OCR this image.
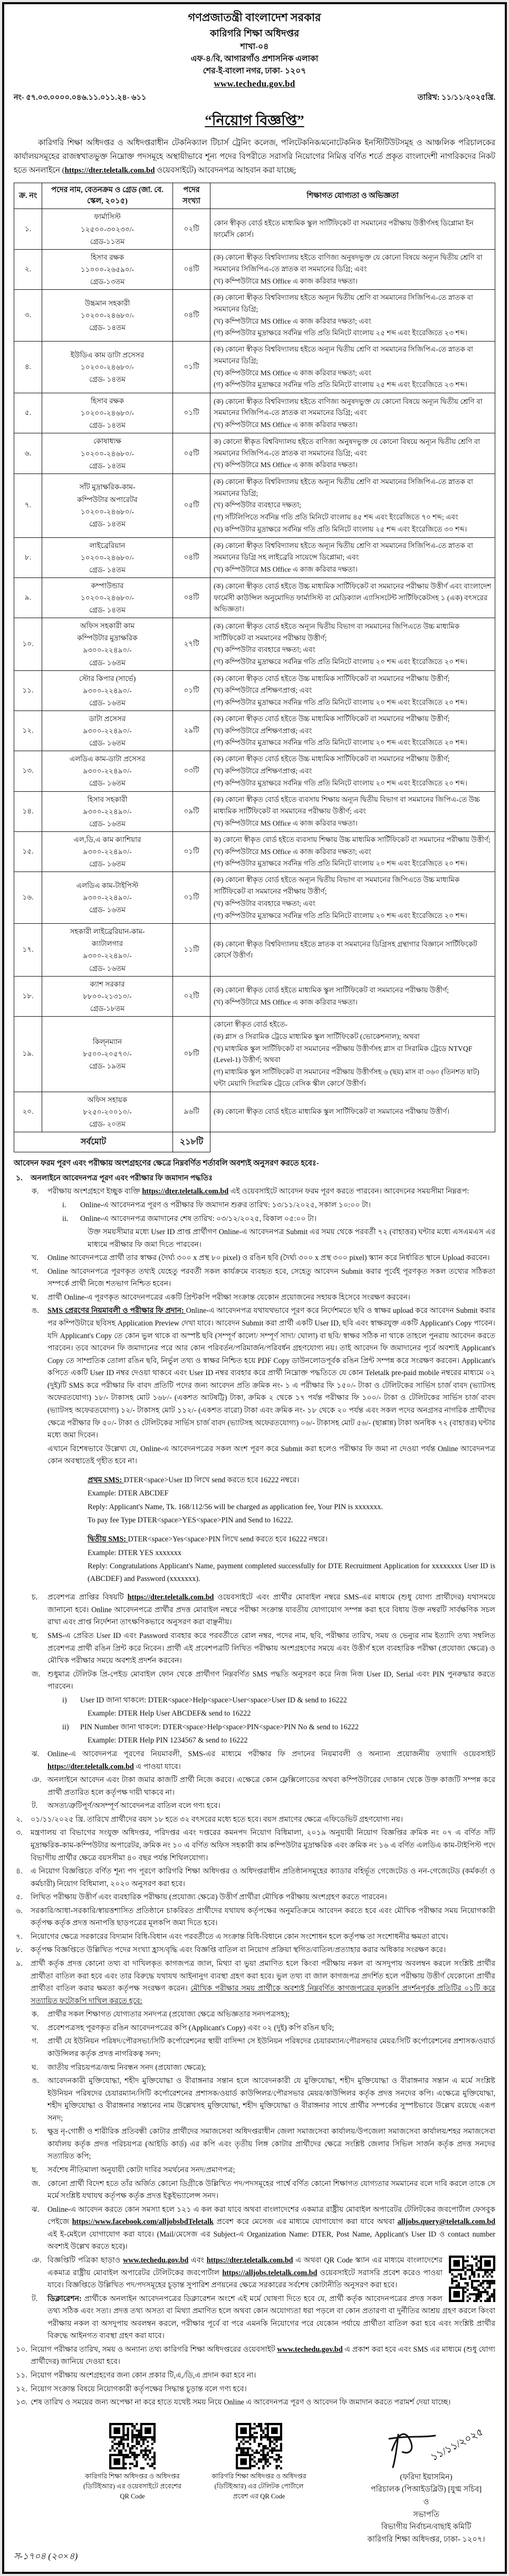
গণপ্রজাতন্ত্রী বাংলাদেশ সরকার
কারিগরি শিক্ষা অধিদপ্তর
শাখা-০৪
এফ-৪/বি, আগারগাঁও প্রশাসনিক এলাকা
শের-ই-বাংলা নগর, ঢাকা- ১২০৭
www.techedu.gov.bd
নং- ৫৭.০৩.০০০০.০৪৬.১১.০১১.২৪- ৬১১	তারিখ: ১১/১১/২০২৫খ্রি.
“নিয়োগ বিজ্ঞপ্তি”
কারিগরি শিক্ষা অধিদপ্তর ও অধিদপ্তরাধীন টেকনিক্যাল টিচার্স ট্রেনিং কলেজ, পলিটেকনিক/মনোটেকনিক ইনস্টিটিউটসমূহ ও আঞ্চলিক পরিচালকের কার্যালয়সমূহের রাজস্বখাতভুক্ত নিম্নোক্ত পদসমূহে অস্থায়ীভাবে শূন্য পদের বিপরীতে সরাসরি নিয়োগের নিমিত্ত বর্ণিত শর্তে প্রকৃত বাংলাদেশী নাগরিকদের নিকট হতে অনলাইনে (https://dter.teletalk.com.bd ওয়েবসাইটে) আবেদনপত্র আহবান করা যাচ্ছে;
ক্র. নং	পদের নাম, বেতনক্রম ও গ্রেড (জা. বে. স্কেল, ২০১৫)	পদের সংখ্যা	শিক্ষাগত যোগ্যতা ও অভিজ্ঞতা
১.	ফার্মাসিস্ট
১২৫০০-৩০২৩০/-
গ্রেড-১১তম	০২টি	কোন স্বীকৃত বোর্ড হইতে মাধ্যমিক স্কুল সার্টিফিকেট বা সমমানের পরীক্ষায় উত্তীর্ণসহ ডিপ্লোমা ইন ফার্মেসি কোর্স।

২.	হিসাব রক্ষক
১১০০০-২৬৫৯০/-
গ্রেড-১৩তম	০৪টি	
(ক) কোনো স্বীকৃত বিশ্ববিদ্যালয় হইতে বাণিজ্য অনুষদভুক্ত যে কোনো বিষয়ে অন্যূন দ্বিতীয় শ্রেণি বা সমমানের সিজিপিএ-তে স্নাতক বা সমমানের ডিগ্রি; এবং
(খ) কম্পিউটারে MS Office এ কাজ করিবার দক্ষতা।

৩.	উচ্চমান সহকারী
১০২০০-২৪৬৮০/-
গ্রেড- ১৪তম	০৪টি	
(ক) কোনো স্বীকৃত বিশ্ববিদ্যালয় হইতে অন্যূন দ্বিতীয় শ্রেণি বা সমমানের সিজিপিএ-তে স্নাতক বা সমমানের ডিগ্রি;
(খ) কম্পিউটারে MS Office এ কাজ করিবার দক্ষতা; এবং
(গ) কম্পিউটার মুদ্রাক্ষরে সর্বনিম্ন গতি প্রতি মিনিটে বাংলায় ২৫ শব্দ এবং ইংরেজিতে ২৩ শব্দ।

৪.	ইউডিএ কাম ডাটা প্রসেসর
১০২০০-২৪৬৮০/-
গ্রেড- ১৪তম	০১টি	
(ক) কোনো স্বীকৃত বিশ্ববিদ্যালয় হইতে অন্যূন দ্বিতীয় শ্রেণি বা সমমানের সিজিপিএ-তে স্নাতক বা সমমানের ডিগ্রি;
(খ) কম্পিউটারে MS Office এ কাজ করিবার দক্ষতা; এবং
(গ) কম্পিউটার মুদ্রাক্ষরে সর্বনিম্ন গতি প্রতি মিনিটে বাংলায় ২৫ শব্দ এবং ইংরেজিতে ২৩ শব্দ।

৫.	হিসাব রক্ষক
১০২০০-২৪৬৮০/-
গ্রেড- ১৪তম	০১টি	
(ক) কোনো স্বীকৃত বিশ্ববিদ্যালয় হইতে বাণিজ্য অনুষদভুক্ত যে কোনো বিষয়ে অন্যূন দ্বিতীয় শ্রেণি বা সমমানের সিজিপিএ-তে স্নাতক বা সমমানের ডিগ্রি; এবং
(খ) কম্পিউটারে MS Office এ কাজ করিবার দক্ষতা।

৬.	কোষাধ্যক্ষ
১০২০০-২৪৬৮০/-
গ্রেড- ১৪তম	০৫টি	
ক) কোনো স্বীকৃত বিশ্ববিদ্যালয় হইতে বাণিজ্য অনুষদভুক্ত যে কোনো বিষয়ে অন্যূন দ্বিতীয় শ্রেণি বা সমমানের সিজিপিএ-তে স্নাতক বা সমমানের ডিগ্রি; এবং
(খ) কম্পিউটারে MS Office এ কাজ করিবার দক্ষতা।

৭.	সাঁট মুদ্রাক্ষরিক-কাম-
কম্পিউটার অপারেটর
১০২০০-২৪৬৮০/-
গ্রেড- ১৪তম	০৫টি	
(ক) কোনো স্বীকৃত বিশ্ববিদ্যালয় হইতে অন্যূন দ্বিতীয় শ্রেণি বা সমমানের সিজিপিএ-তে স্নাতক বা সমমানের ডিগ্রি;
(খ) কম্পিউটার ব্যবহারে দক্ষতা;
(গ) সাঁটলিপিতে সর্বনিম্ন গতি প্রতি মিনিটে বাংলায় ৪৫ শব্দ এবং ইংরেজিতে ৭০ শব্দ; এবং
(ঘ) কম্পিউটার মুদ্রাক্ষরে সর্বনিম্ন গতি প্রতি মিনিটে বাংলায় ২৫ শব্দ এবং ইংরেজিতে ৩০ শব্দ।

৮.	লাইব্রেরিয়ান
১০২০০-২৪৬৮০/-
গ্রেড- ১৪তম	০৪টি	
(ক) কোনো স্বীকৃত বিশ্ববিদ্যালয় হইতে অন্যূন দ্বিতীয় শ্রেণি বা সমমানের সিজিপিএ-তে স্নাতক বা সমমানের ডিগ্রি সহ লাইব্রেরি সায়েন্সে ডিপ্লোমা; এবং
(খ) কম্পিউটারে MS Office এ কাজ করিবার দক্ষতা।

৯.	কম্পাউন্ডার
১০২০০-২৪৬৮০/-
গ্রেড- ১৪তম	০৪টি	(ক) কোনো স্বীকৃত বোর্ড হইতে উচ্চ মাধ্যমিক সার্টিফিকেট বা সমমানের পরীক্ষায় উত্তীর্ণ এবং বাংলাদেশ ফার্মেসী কাউন্সিল অনুমোদিত ফার্মাসিস্ট বা মেডিক্যাল এ্যাসিসটেন্ট সার্টিফিকেটসহ ১ (এক) বৎসরের অভিজ্ঞতা।

১০.	অফিস সহকারী কাম
কম্পিউটার মুদ্রাক্ষরিক
৯৩০০-২২৪৯০/-
গ্রেড- ১৬তম	২৭টি	
(ক) কোনো স্বীকৃত বোর্ড হইতে অন্যূন দ্বিতীয় বিভাগ বা সমমানের জিপিএতে উচ্চ মাধ্যমিক সার্টিফিকেট বা সমমানের পরীক্ষায় উত্তীর্ণ;
(খ) কম্পিউটার ব্যবহারে দক্ষতা; এবং
(গ) কম্পিউটার মুদ্রাক্ষরে সর্বনিম্ন গতি প্রতি মিনিটে বাংলায় ২০ শব্দ এবং ইংরেজিতে ২০ শব্দ।

১১.	স্টোর কিপার (সার্ভে)
৯৩০০-২২৪৯০/-
গ্রেড- ১৬তম	০১টি	
(ক) কোনো স্বীকৃত বোর্ড হইতে উচ্চ মাধ্যমিক সার্টিফিকেট বা সমমানের পরীক্ষায় উত্তীর্ণ;
(খ) কম্পিউটারে প্রশিক্ষণপ্রাপ্ত; এবং
(গ) কম্পিউটার মুদ্রাক্ষরে সর্বনিম্ন গতি প্রতি মিনিটে বাংলায় ২০ শব্দ এবং ইংরেজিতে ২০ শব্দ।

১২.	ডাটা প্রসেসর
৯৩০০-২২৪৯০/-
গ্রেড- ১৬তম	২৯টি	
(ক) কোনো স্বীকৃত বোর্ড হইতে উচ্চ মাধ্যমিক সার্টিফিকেট বা সমমানের পরীক্ষায় উত্তীর্ণ;
(খ) কম্পিউটারে প্রশিক্ষণপ্রাপ্ত; এবং
(গ) কম্পিউটার মুদ্রাক্ষরে সর্বনিম্ন গতি প্রতি মিনিটে বাংলায় ২০ শব্দ এবং ইংরেজিতে ২০ শব্দ।

১৩.	এলডিএ কাম-ডাটা প্রসেসর
৯৩০০-২২৪৯০/-
গ্রেড- ১৬তম	০৩টি	
(ক) কোনো স্বীকৃত বোর্ড হইতে উচ্চ মাধ্যমিক সার্টিফিকেট বা সমমানের পরীক্ষায় উত্তীর্ণ;
(খ) কম্পিউটারে প্রশিক্ষণপ্রাপ্ত; এবং
(গ) কম্পিউটার মুদ্রাক্ষরে সর্বনিম্ন গতি প্রতি মিনিটে বাংলায় ২০ শব্দ এবং ইংরেজিতে ২০ শব্দ।

১৪.	হিসাব সহকারী
৯৩০০-২২৪৯০/-
গ্রেড- ১৬তম	০৯টি	
(ক) কোনো স্বীকৃত বোর্ড হইতে ব্যবসায় শিক্ষায় অন্যূন দ্বিতীয় বিভাগ বা সমমানের জিপিএ-তে উচ্চ মাধ্যমিক সার্টিফিকেট বা সমমানের পরীক্ষায় উত্তীর্ণ; এবং
(খ) কম্পিউটারে MS Office এ কাজ করিবার দক্ষতা।

১৫.	এল,ডি,এ কাম ক্যাশিয়ার
৯৩০০-২২৪৯০/-
গ্রেড- ১৬তম	০১টি	
ক) কোনো স্বীকৃত বোর্ড হইতে ব্যবসায় শিক্ষায় উচ্চ মাধ্যমিক সার্টিফিকেট বা সমমানের পরীক্ষায় উত্তীর্ণ;
(খ) কম্পিউটারে MS Office এ কাজ করিবার দক্ষতা; এবং
(গ) কম্পিউটার মুদ্রাক্ষরে সর্বনিম্ন গতি প্রতি মিনিটে বাংলায় ২০ শব্দ এবং ইংরেজিতে ২০ শব্দ।

১৬.	এলডিএ কাম-টাইপিস্ট
৯৩০০-২২৪৯০/-
গ্রেড- ১৬তম	০১টি	
(ক) কোনো স্বীকৃত বোর্ড হইতে অন্যূন দ্বিতীয় বিভাগ বা সমমানের জিপিএতে উচ্চ মাধ্যমিক সার্টিফিকেট বা সমমানের পরীক্ষায় উত্তীর্ণ;
(খ) কম্পিউটার ব্যবহারে দক্ষতা; এবং
(গ) কম্পিউটার মুদ্রাক্ষরে সর্বনিম্ন গতি প্রতি মিনিটে বাংলায় ২০ শব্দ এবং ইংরেজিতে ২০ শব্দ।

১৭.	সহকারী লাইব্রেরিয়ান-কাম-
ক্যাটালগার
৯৩০০-২২৪৯০/-
গ্রেড- ১৬তম	১১টি	(ক) কোনো স্বীকৃত বিশ্ববিদ্যালয় হইতে স্নাতক বা সমমানের ডিগ্রিসহ গ্রন্থাগার বিজ্ঞানে সার্টিফিকেট কোর্সে উত্তীর্ণ।

১৮.	ক্যাশ সরকার
৮৮০০-২১৩১০/-
গ্রেড-১৮তম	০২টি	
(ক) কোনো স্বীকৃত বোর্ড হইতে মাধ্যমিক স্কুল সার্টিফিকেট বা সমমানের পরীক্ষায় উত্তীর্ণ;
(খ) কম্পিউটারে MS Office এ কাজ করিবার দক্ষতা।

১৯.	কিল্নম্যান
৮৫০০-২০৫৭০/-
গ্রেড- ১৯তম	০৮টি	
কোনো স্বীকৃত বোর্ড হইতে-
(ক) গ্লাস ও সিরামিক ট্রেডে মাধ্যমিক স্কুল সার্টিফিকেট (ভোকেশনাল); অথবা
(খ) মাধ্যমিক স্কুল সার্টিফিকেট বা সমমানের পরীক্ষায় উত্তীর্ণসহ গ্লাস বা সিরামিক ট্রেডে NTVQF (Level-1) উত্তীর্ণ; অথবা
(গ) মাধ্যমিক স্কুল সার্টিফিকেট বা সমমানের পরীক্ষায় উত্তীর্ণসহ ৬ (ছয়) মাস বা ৩৬০ (তিনশত ষাট) ঘন্টা মেয়াদি সিরামিক ট্রেডে বেসিক স্কীল কোর্সে উত্তীর্ণ।

২০.	অফিস সহায়ক
৮২৫০-২০০১০/-
গ্রেড- ২০তম	৯৬টি	(ক) কোনো স্বীকৃত বোর্ড হইতে মাধ্যমিক স্কুল সার্টিফিকেট বা সমমানের পরীক্ষায় উত্তীর্ণ।

সর্বমোট		২১৮টি	
আবেদন ফরম পূরণ এবং পরীক্ষায় অংশগ্রহণের ক্ষেত্রে নিম্নবর্ণিত শর্তাবলি অবশ্যই অনুসরণ করতে হবেঃ-
১. অনলাইনে আবেদনপত্র পূরণ এবং পরীক্ষার ফি জমাদান পদ্ধতিঃ
ক. পরীক্ষায় অংশগ্রহণে ইচ্ছুক ব্যক্তি https://dter.teletalk.com.bd এই ওয়েবসাইটে আবেদন ফরম পূরণ করতে পারবেন। আবেদনের সময়সীমা নিম্নরূপ:
i. Online-এ আবেদনপত্র পূরণ ও পরীক্ষার ফি জমাদান শুরুর তারিখ: ১৩/১১/২০২৫, সকাল ১০:০০ টা।
ii. Online-এ আবেদনপত্র জমাদানের শেষ তারিখ: ০৩/১২/২০২৫, বিকাল ০৫:০০ টা।
উক্ত সময়সীমার মধ্যে User ID প্রাপ্ত প্রার্থীগণ Online-এ আবেদনপত্র Submit এর সময় থেকে পরবর্তী ৭২ (বাহাত্তর) ঘন্টার মধ্যে এসএমএস এর মাধ্যমে পরীক্ষার ফি জমা দিতে পারবেন।
খ. Online আবেদনপত্রে প্রার্থী তার স্বাক্ষর (দৈর্ঘ্য ৩০০ x প্রস্থ ৮০ pixel) ও রঙিন ছবি (দৈর্ঘ্য ৩০০ x প্রস্থ ৩০০ pixel) স্ক্যান করে নির্ধারিত স্থানে Upload করবেন।
গ. Online আবেদনপত্রে পূরণকৃত তথ্যই যেহেতু পরবর্তী সকল কার্যক্রমে ব্যবহৃত হবে, সেহেতু আবেদন Submit করার পূর্বেই পূরণকৃত সকল তথ্যের সঠিকতা সম্পর্কে প্রার্থী নিজে শতভাগ নিশ্চিত হবেন।
ঘ. প্রার্থী Online-এ পূরণকৃত আবেদনপত্রের একটি প্রিন্টকপি পরীক্ষা সংক্রান্ত যেকোন প্রয়োজনের সহায়ক হিসেবে সংরক্ষণ করবেন।
ঙ. SMS প্রেরণের নিয়মাবলী ও পরীক্ষার ফি প্রদান: Online-এ আবেদনপত্র যথাযথভাবে পূরণ করে নির্দেশমতে ছবি ও স্বাক্ষর upload করে আবেদন Submit করার পর কম্পিউটারে ছবিসহ Application Preview দেখা যাবে। আবেদন Submit করা প্রার্থী একটি User ID, ছবি এবং স্বাক্ষরযুক্ত একটি Applicant's Copy পাবেন। যদি Applicant's Copy তে কোন ভুল থাকে বা অস্পষ্ট ছবি (সম্পূর্ণ কালো/ সম্পূর্ণ সাদা/ ঘোলা) বা ছবি/ স্বাক্ষর সঠিক না থাকে তাহলে পুনরায় আবেদন করতে পারবেন। তবে আবেদন ফি জমাদানের পরে আর কোন পরিবর্তন/পরিমার্জন/পরিবর্ধন গ্রহণযোগ্য নয়। তাই আবেদন ফি জমাদানের পূর্বে অবশ্যই Applicant's Copy তে সাম্প্রতিক তোলা রঙিন ছবি, নির্ভুল তথ্য ও স্বাক্ষর নিশ্চিত হয়ে PDF Copy ডাউনলোডপূর্বক রঙিন প্রিন্ট সম্পন্ন করে সংরক্ষণ করবেন। Applicant's কপিতে একটি User ID নম্বর দেওয়া থাকবে এবং User ID নম্বর ব্যবহার করে প্রার্থী নিম্নোক্ত পদ্ধতিতে যে কোন Teletalk pre-paid mobile নম্বরের মাধ্যমে ০২ (দুই)টি SMS করে পরীক্ষার ফি বাবদ প্রতিটি পদের জন্য আবেদন প্রতি ক্রমিক নং- ১ এ পরীক্ষার ফি ১৫০/- টাকা ও টেলিটকের সার্ভিস চার্জ বাবদ (ভ্যাটসহ অফেরতযোগ্য) ১৮/- টাকাসহ মোট ১৬৮/- (একশত আটষট্টি) টাকা, ক্রমিক ২ থেকে ১৭ পর্যন্ত পরীক্ষার ফি ১০০/- টাকা ও টেলিটকের সার্ভিস চার্জ বাবদ (ভ্যাটসহ অফেরতযোগ্য) ১২/- টাকাসহ মোট ১১২/- (একশত বারো) টাকা এবং ক্রমিক নং- ১৮ থেকে ২০ পর্যন্ত এবং সকল পদের অনগ্রসর নাগরিক প্রার্থীদের ক্ষেত্রে পরীক্ষার ফি ৫০/- টাকা ও টেলিটকের সার্ভিস চার্জ বাবদ (ভ্যাটসহ অফেরতযোগ্য) ০৬/- টাকাসহ মোট ৫৬/- (ছাপ্পান্ন) টাকা অনধিক ৭২ (বাহাত্তর) ঘন্টার মধ্যে জমা দিবেন।
এখানে বিশেষভাবে উল্লেখ্য যে, Online-এ আবেদনপত্রের সকল অংশ পূরণ করে Submit করা হলেও পরীক্ষার ফি জমা না দেওয়া পর্যন্ত Online আবেদনপত্র কোন অবস্থাতেই গৃহীত হবে না।
প্রথম SMS: DTER<space>User ID লিখে send করতে হবে 16222 নম্বরে।
Example: DTER ABCDEF
Reply: Applicant's Name, Tk. 168/112/56 will be charged as application fee, Your PIN is xxxxxxx.
To pay fee Type DTER<space>YES<space>PIN and Send to 16222.
দ্বিতীয় SMS: DTER<space>Yes<space>PIN লিখে send করতে হবে 16222 নম্বরে।
Example: DTER YES xxxxxxx
Reply: Congratulations Applicant's Name, payment completed successfully for DTE Recruitment Application for xxxxxxxx User ID is (ABCDEF) and Password (xxxxxxx).
চ. প্রবেশপত্র প্রাপ্তির বিষয়টি https://dter.teletalk.com.bd ওয়েবসাইটে এবং প্রার্থীর মোবাইল নম্বরে SMS-এর মাধ্যমে (শুধু যোগ্য প্রার্থীদের) যথাসময়ে জানানো হবে। Online আবেদনপত্রে প্রার্থীর প্রদত্ত মোবাইল নম্বরে পরীক্ষা সংক্রান্ত যাবতীয় যোগাযোগ সম্পন্ন করা হবে বিধায় উক্ত নম্বরটি সার্বক্ষণিক সচল রাখা এবং প্রাপ্ত নির্দেশনা তাৎক্ষণিকভাবে অনুসরণ করা বাঞ্ছনীয়।
ছ. SMS-এ প্রেরিত User ID এবং Password ব্যবহার করে পরবর্তীতে রোল নম্বর, পদের নাম, ছবি, পরীক্ষার তারিখ, সময় ও ভেন্যুর নাম ইত্যাদি তথ্য সম্বলিত প্রবেশপত্র প্রার্থী রঙিন প্রিন্ট করে নিবেন। প্রার্থী এই প্রবেশপত্রটি লিখিত পরীক্ষায় অংশগ্রহণের সময়ে এবং উত্তীর্ণ হলে ব্যবহারিক পরীক্ষা (প্রযোজ্য ক্ষেত্রে) ও মৌখিক পরীক্ষার সময়ে অবশ্যই প্রদর্শন করবেন।
জ. শুধুমাত্র টেলিটক প্রি-পেইড মোবাইল ফোন থেকে প্রার্থীগণ নিম্নবর্ণিত SMS পদ্ধতি অনুসরণ করে নিজ নিজ User ID, Serial এবং PIN পুনরুদ্ধার করতে পারবেন।
i) User ID জানা থাকলে: DTER<space>Help<space>User<space>User ID & send to 16222
Example: DTER Help User ABCDEF& send to 16222
ii) PIN Number জানা থাকলে: DTER<space>Help<space>PIN<space>PIN No & send to 16222
Example: DTER Help PIN 1234567 & send to 16222
ঝ. Online-এ আবেদনপত্র পূরণের নিয়মাবলী, SMS-এর মাধ্যমে পরীক্ষার ফি প্রদানের নিয়মাবলী ও অন্যান্য প্রয়োজনীয় তথ্যাদি ওয়েবসাইট https://dter.teletalk.com.bd এ পাওয়া যাবে।
ঞ. অনলাইনে আবেদন এবং টাকা জমার কাজটি প্রার্থী নিজে করবে। এক্ষেত্রে কোন ফ্লেক্সিলোডের অথবা কম্পিউটারের দোকান থেকে উক্ত কাজটি সম্পন্ন করে প্রার্থী প্রতারিত হলে কর্তৃপক্ষ দায়ী থাকবে না।
ট. অসত্য/ত্রুটিপূর্ণ/অসম্পূর্ণ আবেদনপত্র বাতিল বলে গণ্য হবে।
২. ০১/১১/২০২৫ খ্রি. তারিখে প্রার্থীদের বয়স ১৮ হতে ৩২ বৎসরের মধ্যে হতে হবে। বয়স প্রমাণের ক্ষেত্রে এফিডেভিট গ্রহণযোগ্য নয়।
৩. মন্ত্রণালয় বা বিভাগের সংযুক্ত অধিদপ্তর, পরিদপ্তর এবং দপ্তরের কমনপদ নিয়োগ বিধিমালা, ২০১৯ অনুযায়ী নিয়োগ বিজ্ঞপ্তির ক্রমিক নং ০৭ এ বর্ণিত সাঁট মুদ্রাক্ষরিক-কাম-কম্পিউটার অপারেটর, ক্রমিক নং ১০ এ বর্ণিত অফিস সহকারী কাম কম্পিউটার মুদ্রাক্ষরিক এবং ক্রমিক নং ১৬ এ বর্ণিত এলডিএ কাম-টাইপিস্ট পদে বিভাগীয় প্রার্থীর ক্ষেত্রে বয়সসীমা ৪০ বছর পর্যন্ত শিথিলযোগ্য।
৪. এ নিয়োগ বিজ্ঞপ্তিতে বর্ণিত শূন্য পদ পূরণে কারিগরি শিক্ষা অধিদপ্তর ও অধিদপ্তরাধীন প্রতিষ্ঠানসমূহের ক্যাডার বহির্ভূত গেজেটেড ও নন-গেজেটেড (কর্মকর্তা ও কর্মচারী) নিয়োগ বিধিমালা, ২০২০ অনুসরণ করা হবে।
৫. লিখিত পরীক্ষায় উত্তীর্ণ এবং ব্যবহারিক পরীক্ষায় (প্রযোজ্য ক্ষেত্রে) উত্তীর্ণ প্রার্থীরা মৌখিক পরীক্ষায় অংশগ্রহণ করতে পারবেন।
৬. সরকারি/আধা-সরকারি/স্বায়ত্তশাসিত প্রতিষ্ঠানে চাকরিরত প্রার্থীদের যথাযথ কর্তৃপক্ষের অনুমতিক্রমে আবেদন করতে হবে এবং মৌখিক পরীক্ষার সময় নিয়োগকারী কর্তৃপক্ষ কর্তৃক প্রদত্ত অনাপত্তি ছাড়পত্রের মূলকপি জমা দিতে হবে।
৭. নিয়োগের ক্ষেত্রে সরকারের বিদ্যমান বিধি-বিধান এবং পরবর্তীতে এ সংক্রান্ত বিধি-বিধানে কোন সংশোধন হলে কর্তৃপক্ষ তা সংশোধনীর ক্ষমতা রাখে।
৮. কর্তৃপক্ষ বিজ্ঞপ্তিতে উল্লিখিত পদের সংখ্যা হ্রাস/বৃদ্ধি এবং বিজ্ঞপ্তি বাতিল বা নিয়োগ প্রক্রিয়া স্থগিত/বাতিল/প্রত্যাহার করার অধিকার সংরক্ষণ করে।
৯. প্রার্থী কর্তৃক প্রদত্ত কোনো তথ্য বা দাখিলকৃত কাগজপত্র জাল, মিথ্যা বা ভুয়া প্রমাণিত হলে কিংবা পরীক্ষায় নকল বা অসদুপায় অবলম্বন করলে সংশ্লিষ্ট প্রার্থীর প্রার্থীতা বাতিল করা হবে এবং তার বিরুদ্ধে যথাযথ আইনানুগ ব্যবস্থা গ্রহণ করা হবে। ভুল তথ্য বা জাল কাগজপত্র প্রদর্শিত হলে পরীক্ষায় উত্তীর্ণ যেকোনো প্রার্থীর প্রার্থীতা বাতিল করার ক্ষমতা কর্তৃপক্ষ সংরক্ষণ করেন। মৌখিক পরীক্ষার সময় প্রার্থীকে অবশ্যই নিম্নবর্ণিত কাগজপত্রের মূলকপি প্রদর্শনপূর্বক প্রতিটির ০১টি করে সত্যায়িত ফটোকপি দাখিল করতে হবে:
ক. প্রার্থীর সকল শিক্ষাগত যোগ্যতার সনদপত্র (প্রযোজ্য ক্ষেত্রে অভিজ্ঞতার সনদপত্রসহ);
খ. প্রবেশপত্রসহ পূরণকৃত রঙিন আবেদনপত্রের কপি (Applicant's Copy) এবং ০২ (দুই) কপি রঙিন ছবি;
গ. প্রার্থী যে ইউনিয়ন পরিষদ/পৌরসভা/সিটি কর্পোরেশনের স্থায়ী বাসিন্দা সে ইউনিয়ন পরিষদের চেয়ারম্যান/পৌরসভার মেয়র/সিটি কর্পোরেশনের প্রশাসক/ওয়ার্ড কাউন্সিলর কর্তৃক প্রদত্ত নাগরিকত্ব সনদ;
ঘ. জাতীয় পরিচয়পত্র/জন্ম নিবন্ধন সনদ (প্রযোজ্য ক্ষেত্রে);
ঙ. আবেদনকারী মুক্তিযোদ্ধা, শহীদ মুক্তিযোদ্ধা ও বীরাঙ্গনার সন্তান হলে আবেদনকারী যে মুক্তিযোদ্ধা, শহীদ মুক্তিযোদ্ধা ও বীরাঙ্গনার সন্তান এ মর্মে সংশ্লিষ্ট ইউনিয়ন পরিষদের চেয়ারম্যান/সিটি কর্পোরেশনের প্রশাসক/ওয়ার্ড কাউন্সিলর/পৌরসভার মেয়র/কাউন্সিলর কর্তৃক প্রদত্ত সনদের কপি। এক্ষেত্রে মুক্তিযোদ্ধা, শহীদ মুক্তিযোদ্ধা ও বীরাঙ্গনার সন্তানের নাম উল্লেখসহ মুক্তিযোদ্ধা, শহীদ মুক্তিযোদ্ধা ও বীরাঙ্গনার সাথে প্রার্থীর সম্পর্কের সুস্পষ্টভাবে উল্লেখ রয়েছে এরূপ সনদ;
চ. ক্ষুদ্র নৃ-গোষ্ঠী ও শারীরিক প্রতিবন্ধী কোটার প্রার্থীদের সমাজসেবা অধিদপ্তরাধীন জেলা সমাজসেবা কার্যালয়/উপজেলা সমাজসেবা কার্যালয়/শহর সমাজসেবা কার্যালয় কর্তৃক প্রদত্ত পরিচয়পত্র (আইডি কার্ড) এর কপি এবং তৃতীয় লিঙ্গ কোটার প্রার্থীদের ক্ষেত্রে সংশ্লিষ্ট জেলার সিভিল সার্জন কর্তৃক প্রদত্ত সনদের সত্যায়িত কপি;
ছ. সর্বশেষ নীতিমালা অনুযায়ী কোটা দাবির সমর্থনের সনদ/প্রমাণপত্র;
জ. কোনো প্রার্থী বিদেশ হতে তাঁর অর্জিত কোনো ডিগ্রীকে উল্লিখিত পদ/পদসমূহের পার্শ্বে বর্ণিত কোনো শিক্ষাগত যোগ্যতার সমমানের বলে দাবি করলে তাকে সে মর্মে সংশ্লিষ্ট যথাযথ কর্তৃপক্ষ কর্তৃক প্রদত্ত ইকুইভ্যালেন্স সনদ।
ঝ. Online-এ আবেদন করতে কোন সমস্যা হলে ১২১ এ কল করা যাবে অথবা বাংলাদেশের একমাত্র রাষ্ট্রীয় মোবাইল অপারেটর টেলিটকের জবপোর্টাল ফেসবুক পেইজে https://www.facebook.com/alljobsbdTeletalk প্রবেশ করে মেসেজ এর মাধ্যমে যোগাযোগ করা যাবে অথবা alljobs.query@teletalk.com.bd এই ই-মেইলে যোগাযোগ করা যাবে। (Mail/মেসেজ এর Subject-এ Organization Name: DTER, Post Name, Applicant's User ID ও contact number অবশ্যই উল্লেখ করতে হবে)।
ঞ. বিজ্ঞপ্তিটি পত্রিকা ছাড়াও www.techedu.gov.bd এবং https://dter.teletalk.com.bd এ অথবা QR Code স্ক্যান এর মাধ্যমে বাংলাদেশের একমাত্র রাষ্ট্রীয় মোবাইল অপারেটর টেলিটকের জবপোর্টাল https://alljobs.teletalk.com.bd ওয়েবসাইটে সরাসরি প্রবেশ করেও পাওয়া যাবে। বিজ্ঞপ্তিতে উল্লিখিত পদ/পদসমূহের চূড়ান্ত সুপারিশ প্রণয়নের ক্ষেত্রে সরকারের সর্বশেষ কোটানীতি অনুসরণ করা হবে।
ট. ডিক্লারেশন: প্রার্থীকে অনলাইন আবেদনপত্রের ডিক্লারেশন অংশে এই মর্মে ঘোষণা দিতে হবে যে, প্রার্থী কর্তৃক আবেদনপত্রের প্রদত্ত সকল তথ্য সঠিক এবং সত্য। প্রদত্ত তথ্য অসত্য বা মিথ্যা প্রমাণিত হলে অথবা কোন অযোগ্যতা ধরা পড়লে বা কোন প্রতারণা বা দুর্নীতির আশ্রয় গ্রহণ করলে কিংবা পরীক্ষায় নকল বা অসদুপায় অবলম্বন করলে, পরীক্ষার পূর্বে বা পরে এমনকি নিয়োগের পরে যেকোন পর্যায়ে প্রার্থীতা বাতিল করা হবে এবং সংশ্লিষ্ট প্রার্থীর বিরুদ্ধে আইনগত ব্যবস্থা গ্রহণ করা যাবে।
১০. নিয়োগ পরীক্ষার তারিখ, সময় ও অন্যান্য তথ্য কারিগরি শিক্ষা অধিদপ্তরের ওয়েবসাইট www.techedu.gov.bd এ প্রকাশ করা হবে এবং SMS এর মাধ্যমে (শুধু যোগ্য প্রার্থীদের) জানিয়ে দেওয়া হবে।
১১. নিয়োগ পরীক্ষায় অংশগ্রহণের জন্য কোন প্রকার টি,এ,/ডি,এ প্রদান করা হবে না।
১২. নিয়োগ সংক্রান্ত বিষয়ে নিয়োগকারী কর্তৃপক্ষের সিদ্ধান্ত চূড়ান্ত বলে গণ্য হবে।
১৩. শেষ তারিখ ও সময়ের জন্য অপেক্ষা না করে হাতে যথেষ্ট সময় নিয়ে Online এ আবেদনপত্র পূরণ ও আবেদন ফি জমাদান করতে পরামর্শ দেয়া যাচ্ছে।
কারিগরি শিক্ষা অধিদপ্তর ও অধিদপ্তর (ডিটিইআর) এর ওয়েবসাইটে প্রবেশের QR Code
কারিগরি শিক্ষা অধিদপ্তর ও অধিদপ্তর (ডিটিইআর) এর টেলিটক পোর্টালে প্রবেশ এর QR Code
১১/১১/২০২৫
(ফরিদা ইয়াসমিন)
পরিচালক (পিআইডব্লিউ) [যুগ্ম সচিব]
ও
সভাপতি
বিভাগীয় নির্বাচন/বাছাই কমিটি
কারিগরি শিক্ষা অধিদপ্তর, ঢাকা- ১২০৭।
স-১৭০৪ (২০×৪)
